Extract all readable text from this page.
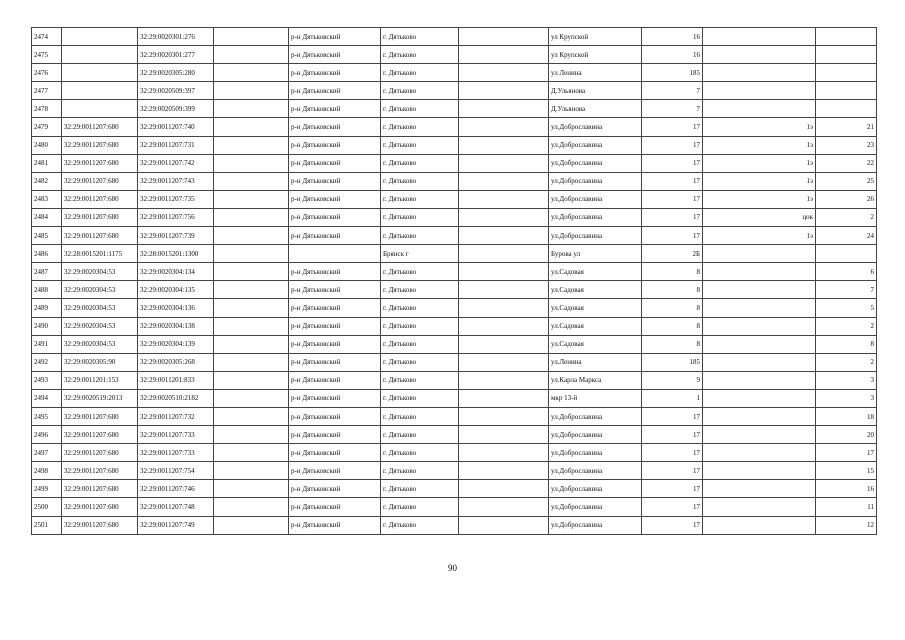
2474		32:29:0020301:276		р-н Дятьковский	г. Дятьково		ул Крупской	16		
2475		32:29:0020301:277		р-н Дятьковский	г. Дятьково		ул Крупской	16		
2476		32:29:0020305:280		р-н Дятьковский	г. Дятьково		ул Ленина	185		
2477		32:29:0020509:397		р-н Дятьковский	г. Дятьково		Д.Ульянова	7		
2478		32:29:0020509:399		р-н Дятьковский	г. Дятьково		Д.Ульянова	7		
2479	32:29:0011207:680	32:29:0011207:740		р-н Дятьковский	г. Дятьково		ул.Доброславина	17	1э	21
2480	32:29:0011207:680	32:29:0011207:731		р-н Дятьковский	г. Дятьково		ул.Доброславина	17	1э	23
2481	32:29:0011207:680	32:29:0011207:742		р-н Дятьковский	г. Дятьково		ул.Доброславина	17	1э	22
2482	32:29:0011207:680	32:29:0011207:743		р-н Дятьковский	г. Дятьково		ул.Доброславина	17	1э	25
2483	32:29:0011207:680	32:29:0011207:735		р-н Дятьковский	г. Дятьково		ул.Доброславина	17	1э	26
2484	32:29:0011207:680	32:29:0011207:756		р-н Дятьковский	г. Дятьково		ул.Доброславина	17	цок	2
2485	32:29:0011207:680	32:29:0011207:739		р-н Дятьковский	г. Дятьково		ул.Доброславина	17	1э	24
2486	32:28:0015201:1175	32:28:0015201:1300			Брянск г		Бурова ул	2Б		
2487	32:29:0020304:53	32:29:0020304:134		р-н Дятьковский	г. Дятьково		ул.Садовая	8		6
2488	32:29:0020304:53	32:29:0020304:135		р-н Дятьковский	г. Дятьково		ул.Садовая	8		7
2489	32:29:0020304:53	32:29:0020304:136		р-н Дятьковский	г. Дятьково		ул.Садовая	8		5
2490	32:29:0020304:53	32:29:0020304:138		р-н Дятьковский	г. Дятьково		ул.Садовая	8		2
2491	32:29:0020304:53	32:29:0020304:139		р-н Дятьковский	г. Дятьково		ул.Садовая	8		8
2492	32:29:0020305:90	32:29:0020305:268		р-н Дятьковский	г. Дятьково		ул.Ленина	185		2
2493	32:29:0011201:153	32:29:0011201:833		р-н Дятьковский	г. Дятьково		ул.Карла Маркса	9		3
2494	32:29:0020519:2013	32:29:0020510:2182		р-н Дятьковский	г. Дятьково		мкр 13-й	1		3
2495	32:29:0011207:680	32:29:0011207:732		р-н Дятьковский	г. Дятьково		ул.Доброславина	17		18
2496	32:29:0011207:680	32:29:0011207:733		р-н Дятьковский	г. Дятьково		ул.Доброславина	17		20
2497	32:29:0011207:680	32:29:0011207:733		р-н Дятьковский	г. Дятьково		ул.Доброславина	17		17
2498	32:29:0011207:680	32:29:0011207:754		р-н Дятьковский	г. Дятьково		ул.Доброславина	17		15
2499	32:29:0011207:680	32:29:0011207:746		р-н Дятьковский	г. Дятьково		ул.Доброславина	17		16
2500	32:29:0011207:680	32:29:0011207:748		р-н Дятьковский	г. Дятьково		ул.Доброславина	17		11
2501	32:29:0011207:680	32:29:0011207:749		р-н Дятьковский	г. Дятьково		ул.Доброславина	17		12
90
